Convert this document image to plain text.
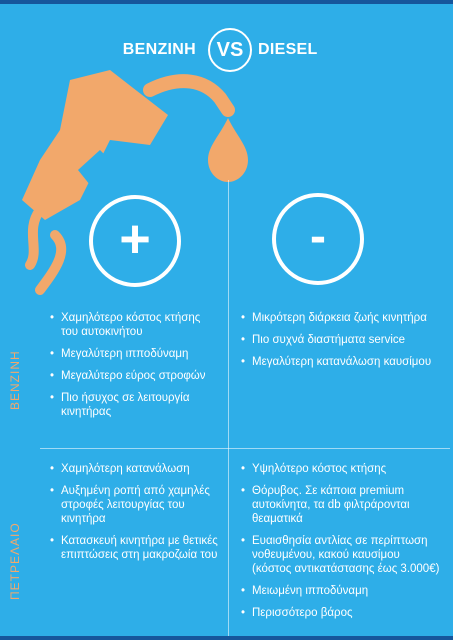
BENZINH	VS DIESEL
+	-
ΒΕΝΖΙΝΗ
ΠΕΤΡΕΛΑΙΟ
• Χαμηλότερο κόστος κτήσης του αυτοκινήτου
• Μεγαλύτερη ιπποδύναμη
• Μεγαλύτερο εύρος στροφών
• Πιο ήσυχος σε λειτουργία κινητήρας
• Μικρότερη διάρκεια ζωής κινητήρα
• Πιο συχνά διαστήματα service
• Μεγαλύτερη κατανάλωση καυσίμου
• Χαμηλότερη κατανάλωση
• Αυξημένη ροπή από χαμηλές στροφές λειτουργίας του κινητήρα
• Κατασκευή κινητήρα με θετικές επιπτώσεις στη μακροζωία του
• Υψηλότερο κόστος κτήσης
• Θόρυβος. Σε κάποια premium αυτοκίνητα, τα db φιλτράρονται θεαματικά
• Ευαισθησία αντλίας σε περίπτωση νοθευμένου, κακού καυσίμου (κόστος αντικατάστασης έως 3.000€)
• Μειωμένη ιπποδύναμη
• Περισσότερο βάρος
